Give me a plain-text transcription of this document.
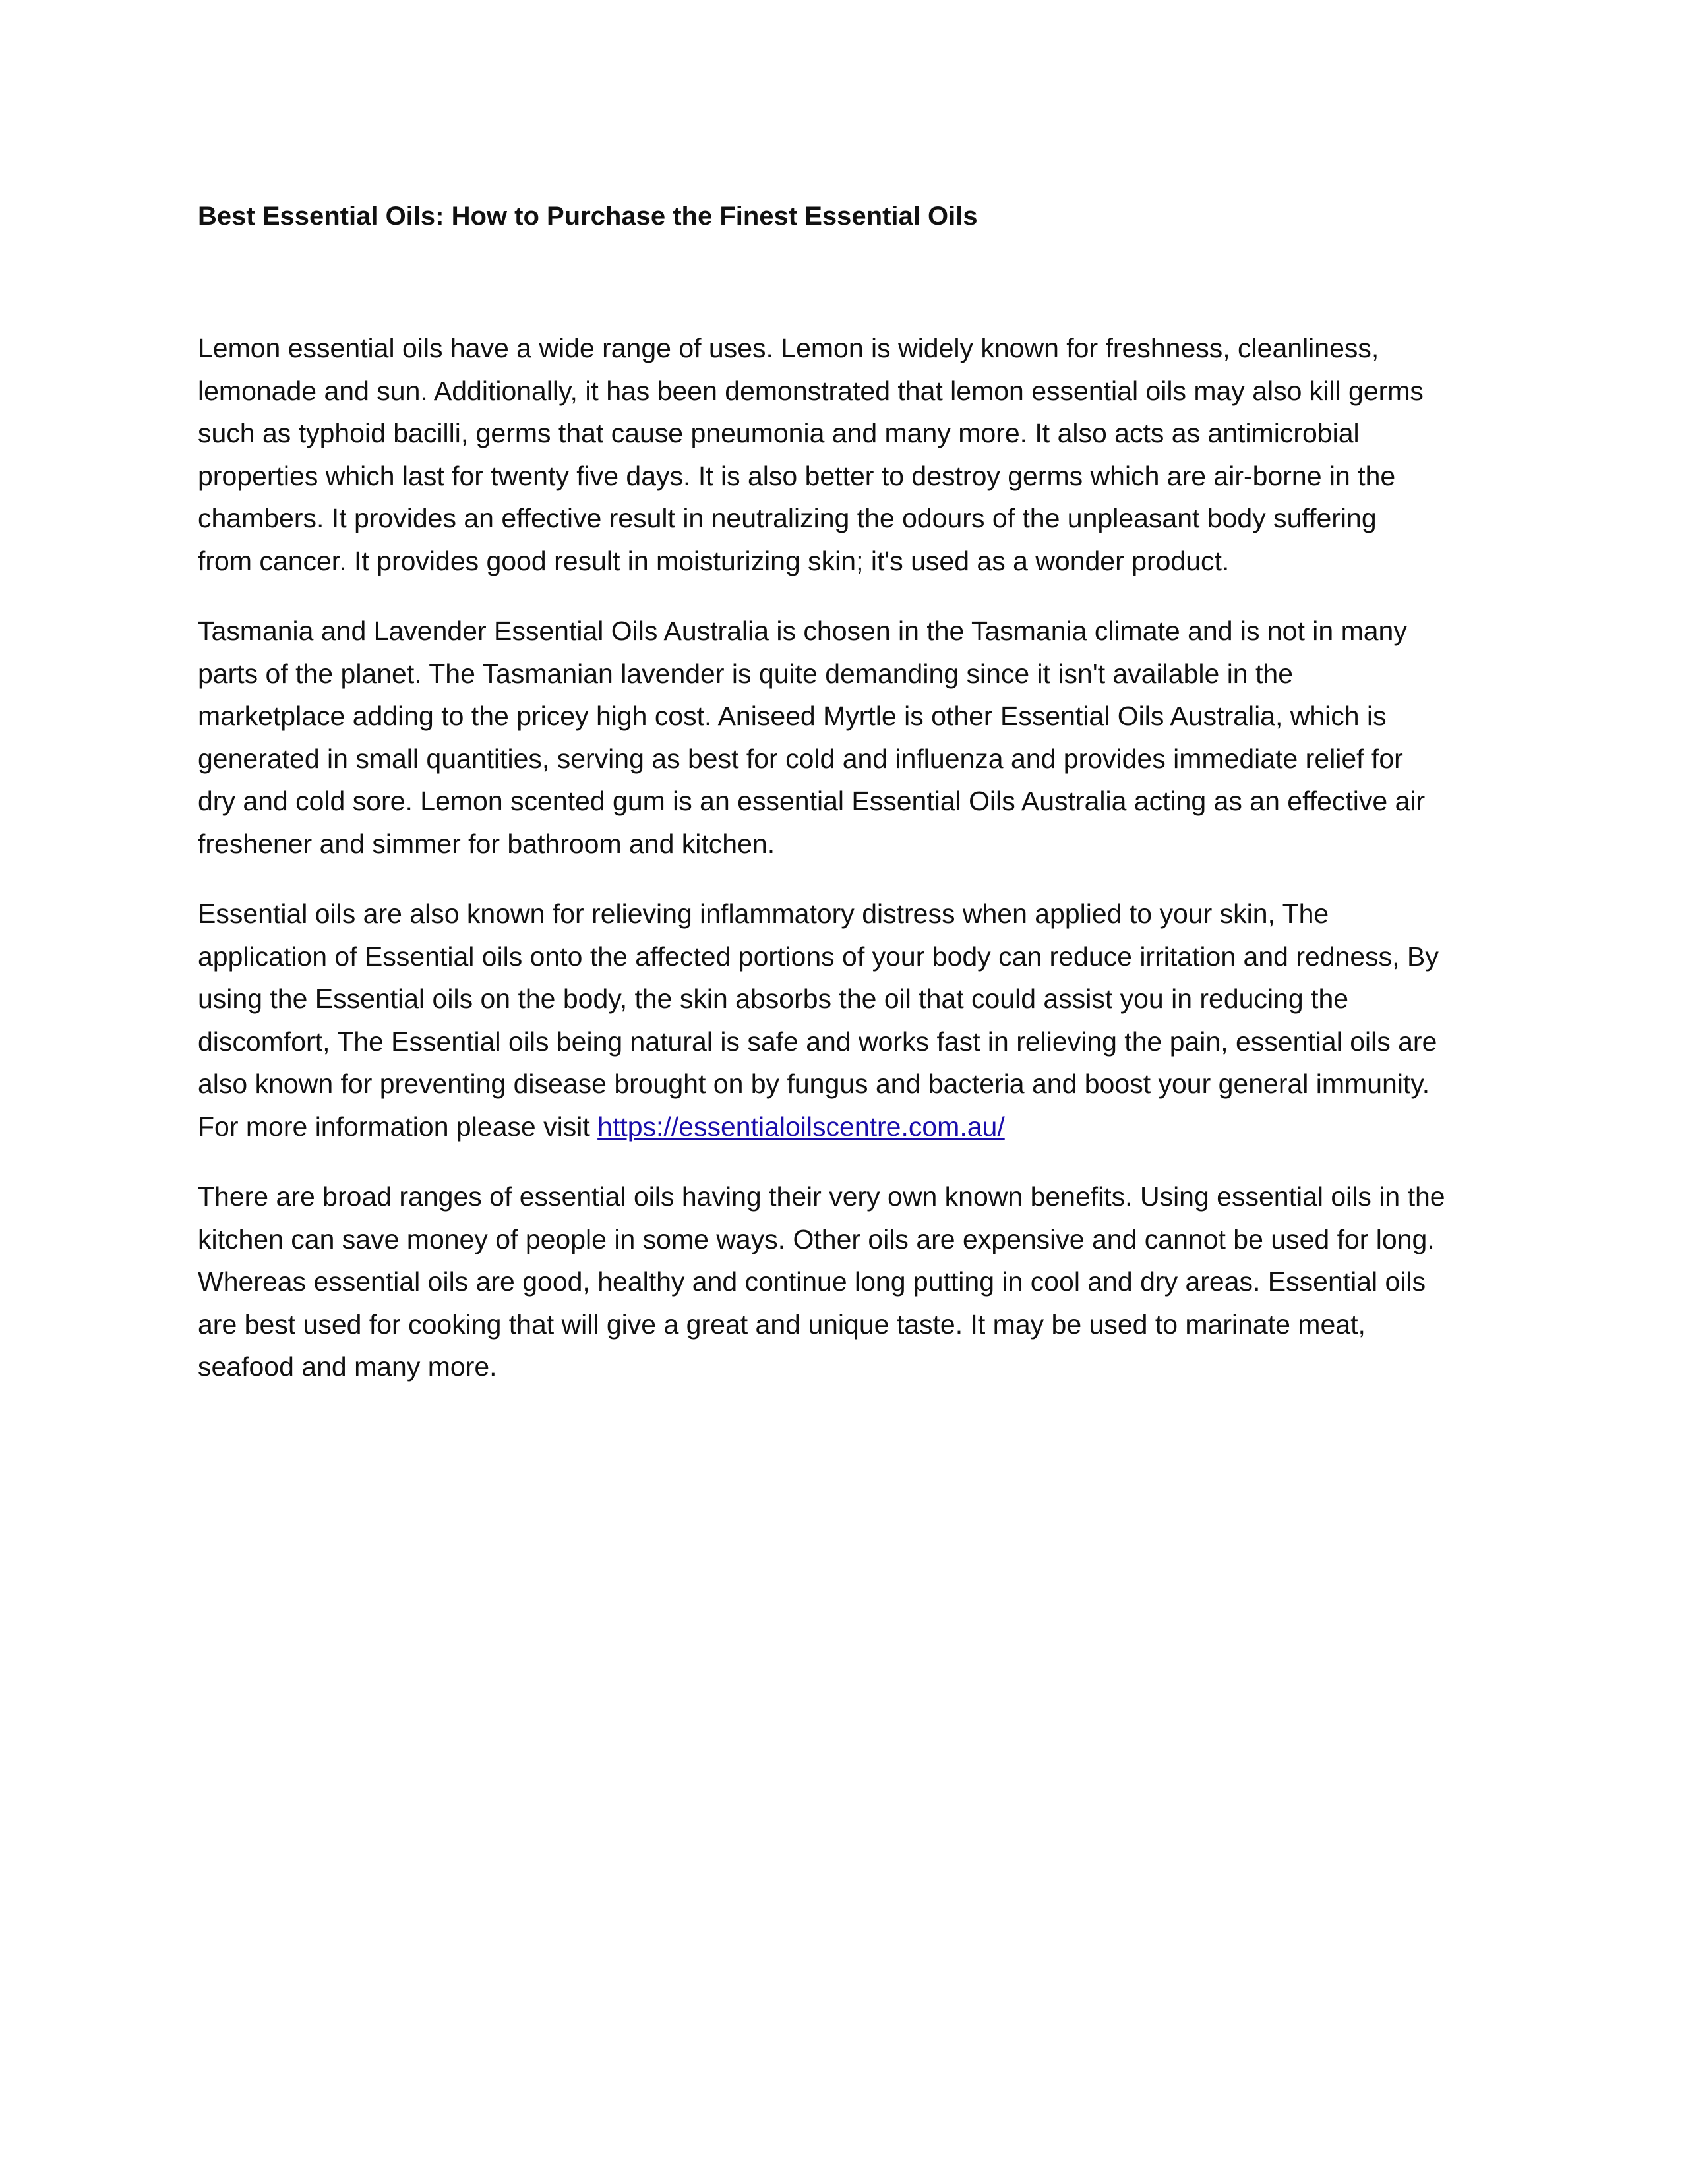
Best Essential Oils: How to Purchase the Finest Essential Oils
Lemon essential oils have a wide range of uses. Lemon is widely known for freshness, cleanliness,
lemonade and sun. Additionally, it has been demonstrated that lemon essential oils may also kill germs
such as typhoid bacilli, germs that cause pneumonia and many more. It also acts as antimicrobial
properties which last for twenty five days. It is also better to destroy germs which are air-borne in the
chambers. It provides an effective result in neutralizing the odours of the unpleasant body suffering
from cancer. It provides good result in moisturizing skin; it's used as a wonder product.
Tasmania and Lavender Essential Oils Australia is chosen in the Tasmania climate and is not in many
parts of the planet. The Tasmanian lavender is quite demanding since it isn't available in the
marketplace adding to the pricey high cost. Aniseed Myrtle is other Essential Oils Australia, which is
generated in small quantities, serving as best for cold and influenza and provides immediate relief for
dry and cold sore. Lemon scented gum is an essential Essential Oils Australia acting as an effective air
freshener and simmer for bathroom and kitchen.
Essential oils are also known for relieving inflammatory distress when applied to your skin, The
application of Essential oils onto the affected portions of your body can reduce irritation and redness, By
using the Essential oils on the body, the skin absorbs the oil that could assist you in reducing the
discomfort, The Essential oils being natural is safe and works fast in relieving the pain, essential oils are
also known for preventing disease brought on by fungus and bacteria and boost your general immunity.
For more information please visit https://essentialoilscentre.com.au/
There are broad ranges of essential oils having their very own known benefits. Using essential oils in the
kitchen can save money of people in some ways. Other oils are expensive and cannot be used for long.
Whereas essential oils are good, healthy and continue long putting in cool and dry areas. Essential oils
are best used for cooking that will give a great and unique taste. It may be used to marinate meat,
seafood and many more.
